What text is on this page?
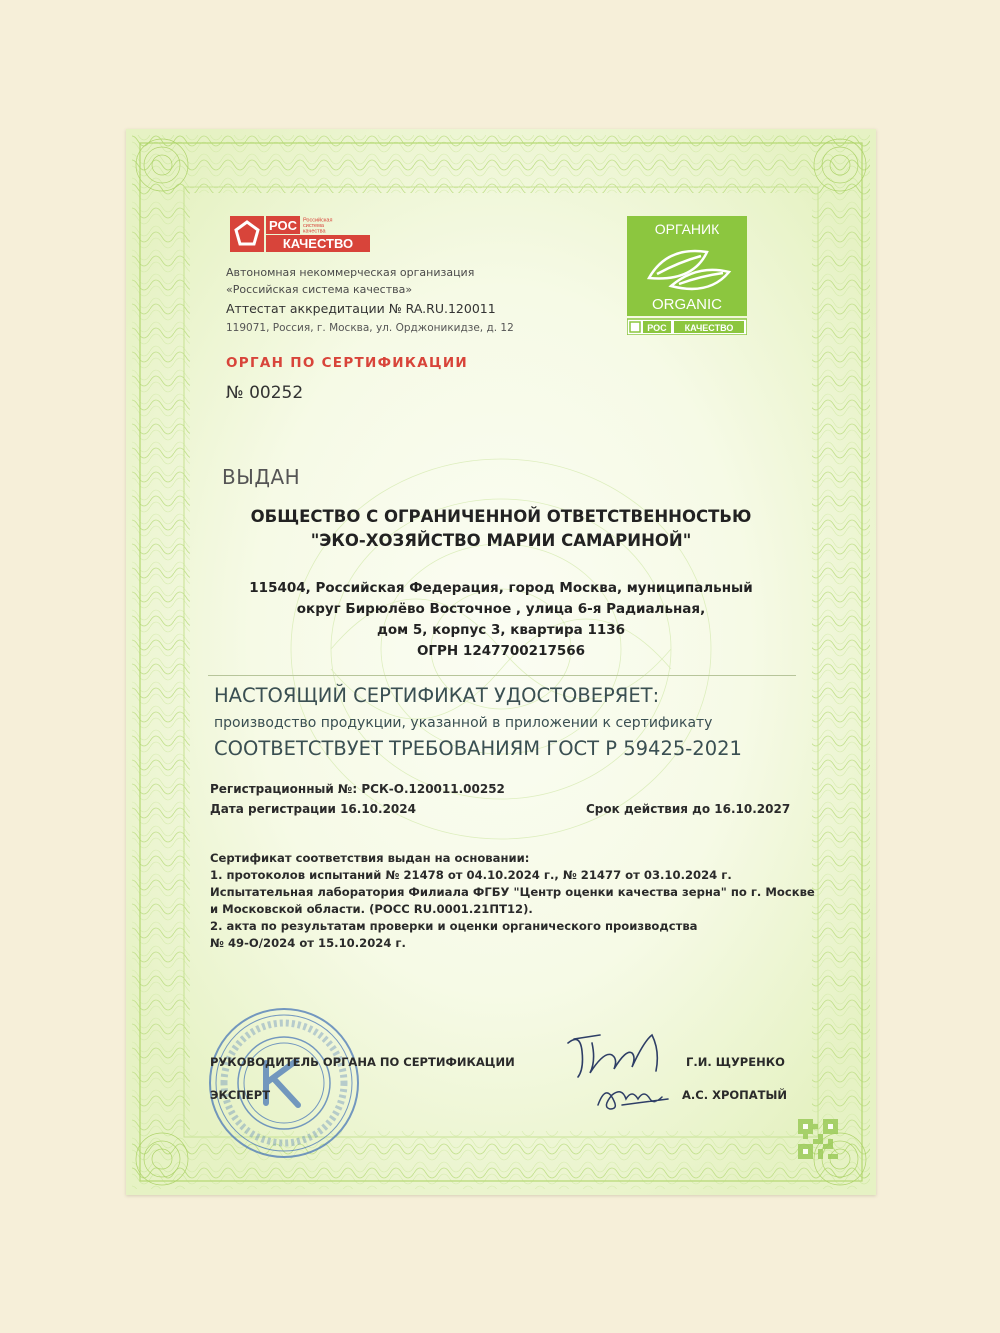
РОС Российская
система
качества
КАЧЕСТВО
Автономная некоммерческая организация
«Российская система качества»
Аттестат аккредитации № RA.RU.120011
119071, Россия, г. Москва, ул. Орджоникидзе, д. 12
ОРГАН ПО СЕРТИФИКАЦИИ
№ 00252
ОРГАНИК
ORGANIC
РОС КАЧЕСТВО
ВЫДАН
ОБЩЕСТВО С ОГРАНИЧЕННОЙ ОТВЕТСТВЕННОСТЬЮ
"ЭКО-ХОЗЯЙСТВО МАРИИ САМАРИНОЙ"
115404, Российская Федерация, город Москва, муниципальный
округ Бирюлёво Восточное , улица 6-я Радиальная,
дом 5, корпус 3, квартира 1136
ОГРН 1247700217566
НАСТОЯЩИЙ СЕРТИФИКАТ УДОСТОВЕРЯЕТ:
производство продукции, указанной в приложении к сертификату
СООТВЕТСТВУЕТ ТРЕБОВАНИЯМ ГОСТ Р 59425-2021
Регистрационный №: РСК-О.120011.00252
Дата регистрации 16.10.2024	Срок действия до 16.10.2027
Сертификат соответствия выдан на основании:
1. протоколов испытаний № 21478 от 04.10.2024 г., № 21477 от 03.10.2024 г.
Испытательная лаборатория Филиала ФГБУ "Центр оценки качества зерна" по г. Москве
и Московской области. (РОСС RU.0001.21ПТ12).
2. акта по результатам проверки и оценки органического производства
№ 49-О/2024 от 15.10.2024 г.
РУКОВОДИТЕЛЬ ОРГАНА ПО СЕРТИФИКАЦИИ	Г.И. ЩУРЕНКО
ЭКСПЕРТ	А.С. ХРОПАТЫЙ
